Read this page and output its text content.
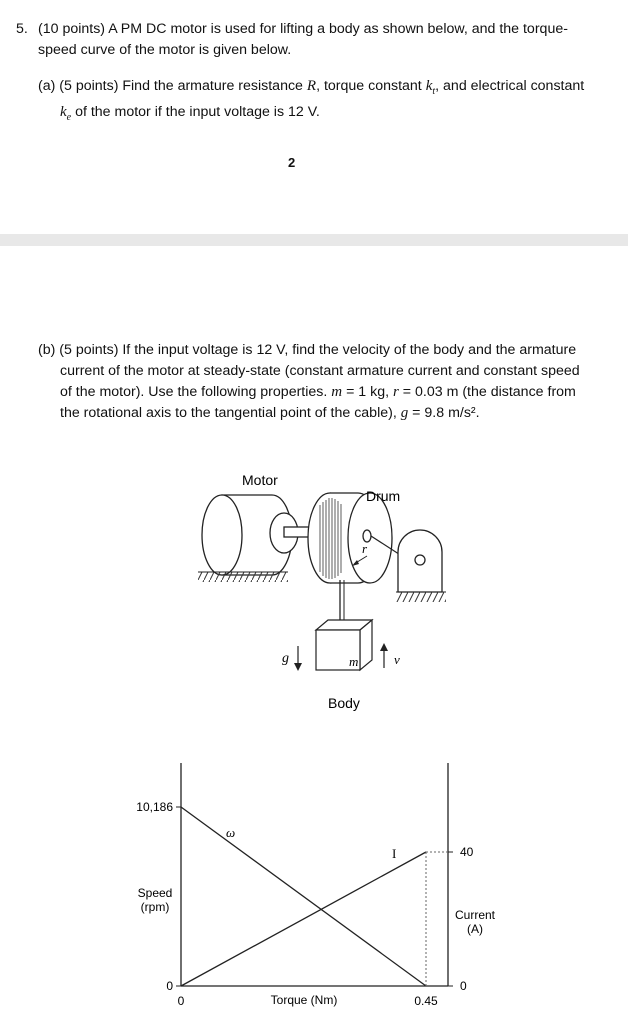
5. (10 points) A PM DC motor is used for lifting a body as shown below, and the torque-
speed curve of the motor is given below.
(a) (5 points) Find the armature resistance R, torque constant $k_t$, and electrical constant
$k_e$ of the motor if the input voltage is 12 V.
2
(b) (5 points) If the input voltage is 12 V, find the velocity of the body and the armature
current of the motor at steady-state (constant armature current and constant speed
of the motor). Use the following properties. m = 1 kg, r = 0.03 m (the distance from
the rotational axis to the tangential point of the cable), g = 9.8 m/s².
r
m
g	v
Motor
Drum
Body
10,186
0
40
0
Speed
(rpm)
Current
(A)
0	0.45
Torque (Nm)
ω
I
